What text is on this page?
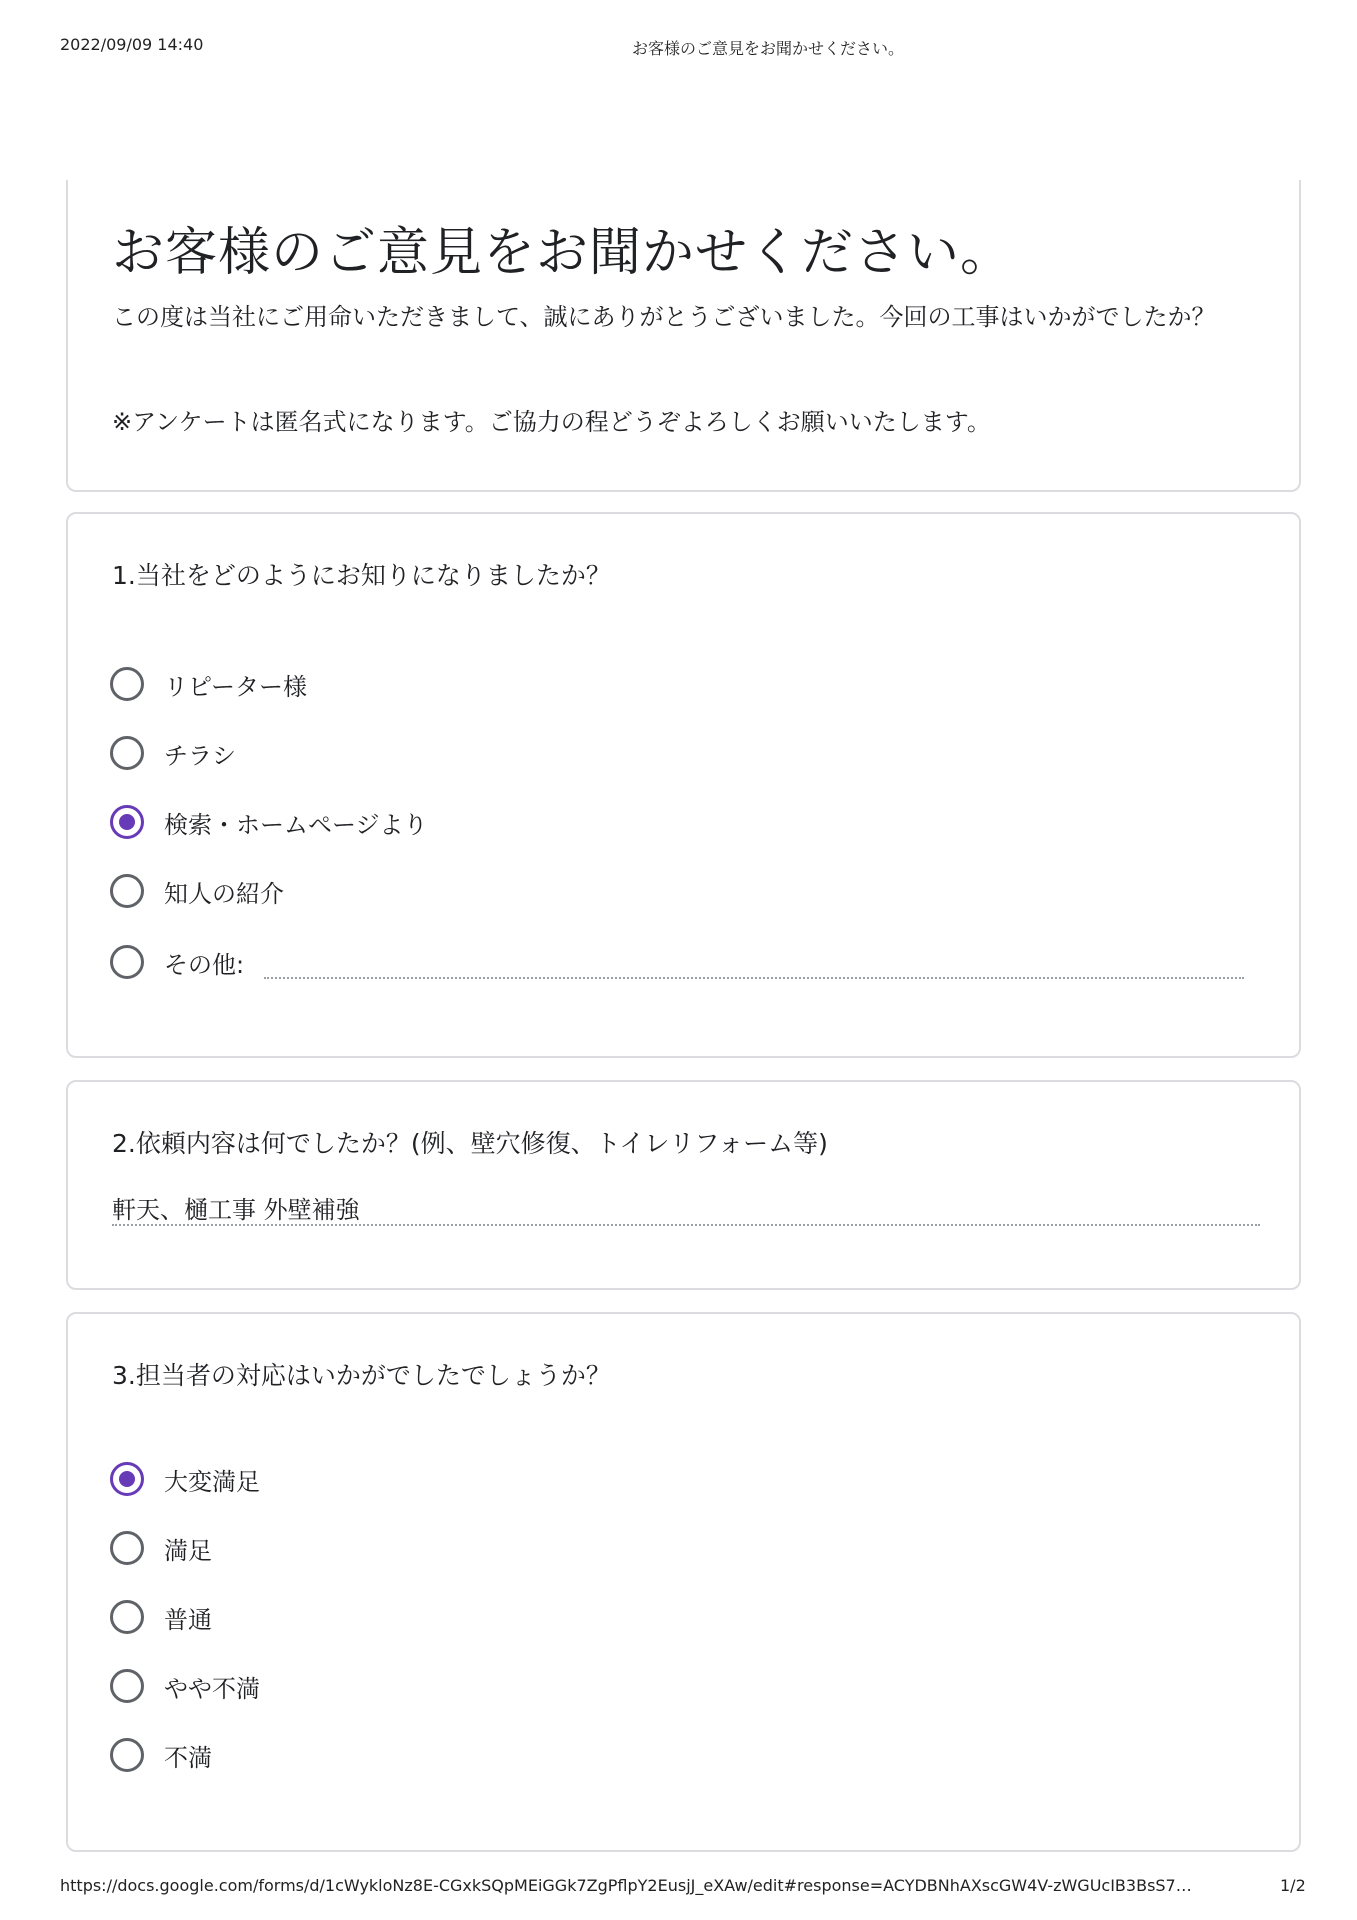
2022/09/09 14:40	お客様のご意見をお聞かせください。
お客様のご意見をお聞かせください。
この度は当社にご用命いただきまして、誠にありがとうございました。今回の工事はいかがでしたか？
※アンケートは匿名式になります。ご協力の程どうぞよろしくお願いいたします。
1.当社をどのようにお知りになりましたか？
リピーター様
チラシ
検索・ホームページより
知人の紹介
その他:
2.依頼内容は何でしたか？(例、壁穴修復、トイレリフォーム等)
軒天、樋工事 外壁補強
3.担当者の対応はいかがでしたでしょうか？
大変満足
満足
普通
やや不満
不満
https://docs.google.com/forms/d/1cWykloNz8E-CGxkSQpMEiGGk7ZgPflpY2EusjJ_eXAw/edit#response=ACYDBNhAXscGW4V-zWGUcIB3BsS7…	1/2
